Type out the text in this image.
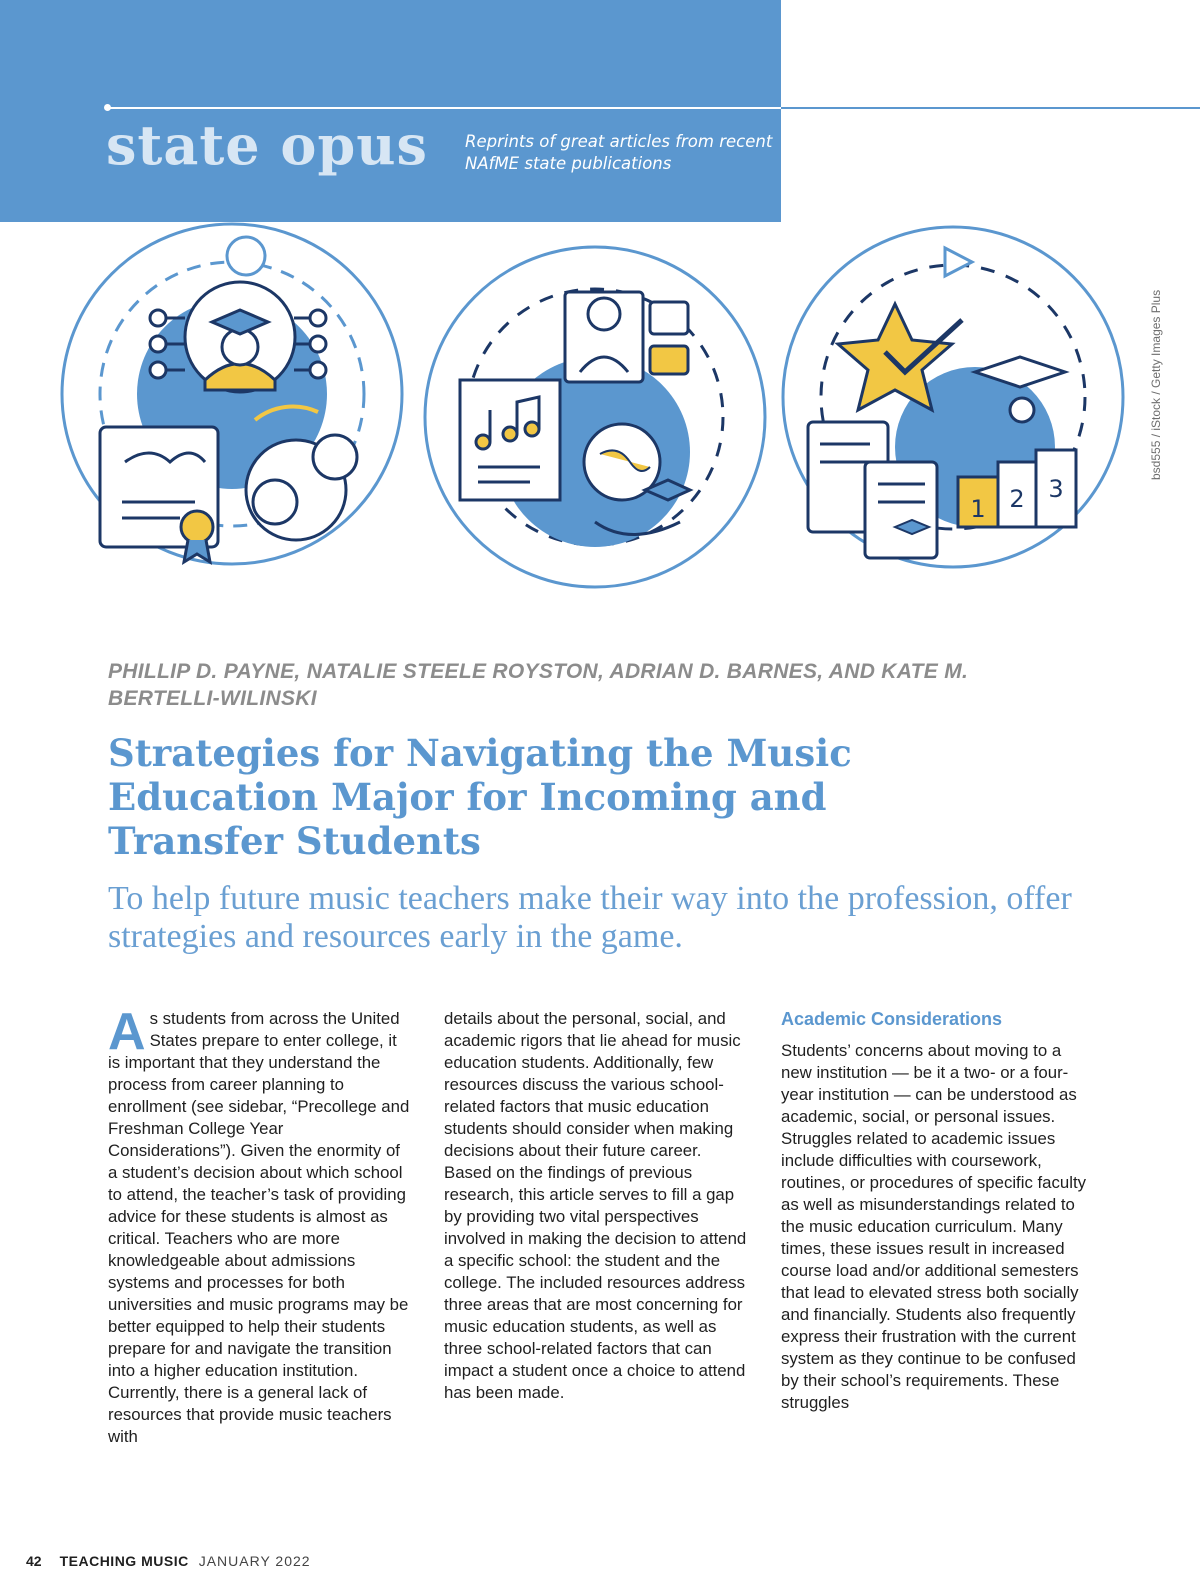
state opus Reprints of great articles from recent NAfME state publications
1 2 3
bsd555 / iStock / Getty Images Plus
PHILLIP D. PAYNE, NATALIE STEELE ROYSTON, ADRIAN D. BARNES, AND KATE M. BERTELLI-WILINSKI
Strategies for Navigating the Music Education Major for Incoming and Transfer Students
To help future music teachers make their way into the profession, offer strategies and resources early in the game.
As students from across the United States prepare to enter college, it is important that they understand the process from career planning to enrollment (see sidebar, “Precollege and Freshman College Year Considerations”). Given the enormity of a student’s decision about which school to attend, the teacher’s task of providing advice for these students is almost as critical. Teachers who are more knowledgeable about admissions systems and processes for both universities and music programs may be better equipped to help their students prepare for and navigate the transition into a higher education institution. Currently, there is a general lack of resources that provide music teachers with
details about the personal, social, and academic rigors that lie ahead for music education students. Additionally, few resources discuss the various school-related factors that music education students should consider when making decisions about their future career. Based on the findings of previous research, this article serves to fill a gap by providing two vital perspectives involved in making the decision to attend a specific school: the student and the college. The included resources address three areas that are most concerning for music education students, as well as three school-related factors that can impact a student once a choice to attend has been made.
Academic Considerations
Students’ concerns about moving to a new institution — be it a two- or a four-year institution — can be understood as academic, social, or personal issues. Struggles related to academic issues include difficulties with coursework, routines, or procedures of specific faculty as well as misunderstandings related to the music education curriculum. Many times, these issues result in increased course load and/or additional semesters that lead to elevated stress both socially and financially. Students also frequently express their frustration with the current system as they continue to be confused by their school’s requirements. These struggles
42 TEACHING MUSIC JANUARY 2022
